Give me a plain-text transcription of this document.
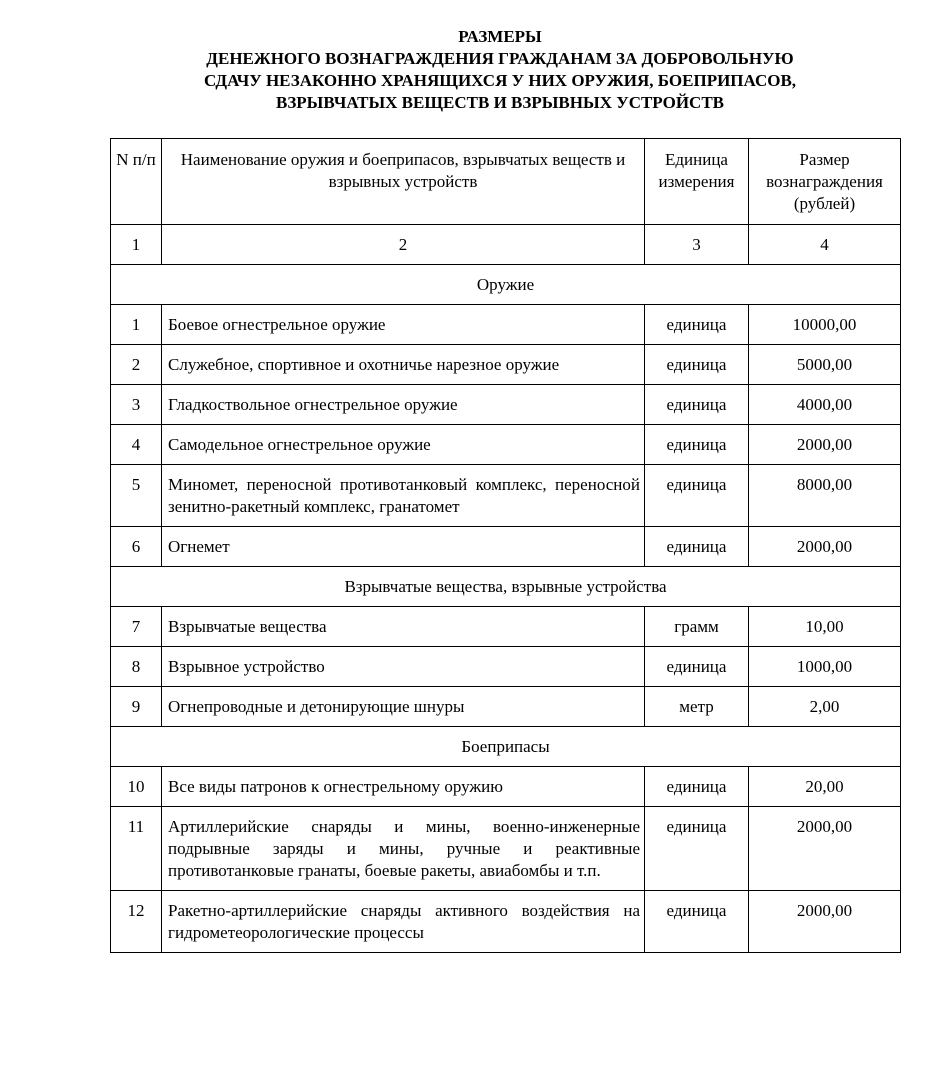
РАЗМЕРЫ
ДЕНЕЖНОГО ВОЗНАГРАЖДЕНИЯ ГРАЖДАНАМ ЗА ДОБРОВОЛЬНУЮ
СДАЧУ НЕЗАКОННО ХРАНЯЩИХСЯ У НИХ ОРУЖИЯ, БОЕПРИПАСОВ,
ВЗРЫВЧАТЫХ ВЕЩЕСТВ И ВЗРЫВНЫХ УСТРОЙСТВ
N п/п	Наименование оружия и боеприпасов, взрывчатых веществ и взрывных устройств	Единица измерения	Размер вознаграждения (рублей)
1	2	3	4
Оружие			
1	Боевое огнестрельное оружие	единица	10000,00
2	Служебное, спортивное и охотничье нарезное оружие	единица	5000,00
3	Гладкоствольное огнестрельное оружие	единица	4000,00
4	Самодельное огнестрельное оружие	единица	2000,00
5	Миномет, переносной противотанковый комплекс, переносной зенитно-ракетный комплекс, гранатомет	единица	8000,00
6	Огнемет	единица	2000,00
Взрывчатые вещества, взрывные устройства			
7	Взрывчатые вещества	грамм	10,00
8	Взрывное устройство	единица	1000,00
9	Огнепроводные и детонирующие шнуры	метр	2,00
Боеприпасы			
10	Все виды патронов к огнестрельному оружию	единица	20,00
11	Артиллерийские снаряды и мины, военно-инженерные подрывные заряды и мины, ручные и реактивные противотанковые гранаты, боевые ракеты, авиабомбы и т.п.	единица	2000,00
12	Ракетно-артиллерийские снаряды активного воздействия на гидрометеорологические процессы	единица	2000,00
